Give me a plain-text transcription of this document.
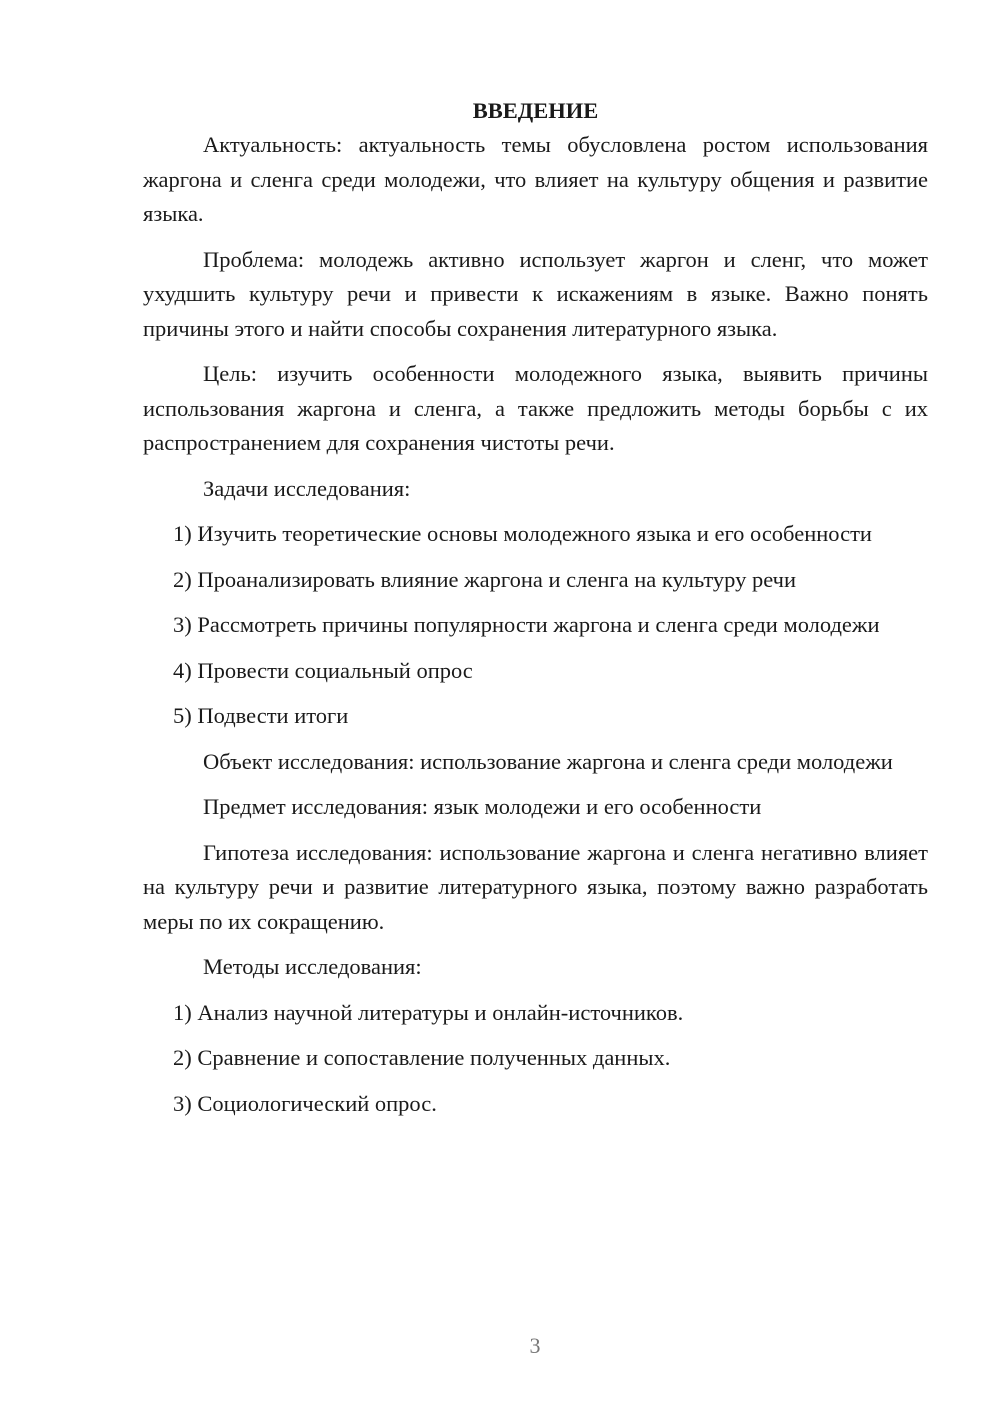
ВВЕДЕНИЕ

Актуальность: актуальность темы обусловлена ростом использования жаргона и сленга среди молодежи, что влияет на культуру общения и развитие языка.

Проблема: молодежь активно использует жаргон и сленг, что может ухудшить культуру речи и привести к искажениям в языке. Важно понять причины этого и найти способы сохранения литературного языка.

Цель: изучить особенности молодежного языка, выявить причины использования жаргона и сленга, а также предложить методы борьбы с их распространением для сохранения чистоты речи.

Задачи исследования:

1) Изучить теоретические основы молодежного языка и его особенности

2) Проанализировать влияние жаргона и сленга на культуру речи

3) Рассмотреть причины популярности жаргона и сленга среди молодежи

4) Провести социальный опрос

5) Подвести итоги

Объект исследования: использование жаргона и сленга среди молодежи

Предмет исследования: язык молодежи и его особенности

Гипотеза исследования: использование жаргона и сленга негативно влияет на культуру речи и развитие литературного языка, поэтому важно разработать меры по их сокращению.

Методы исследования:

1) Анализ научной литературы и онлайн-источников.

2) Сравнение и сопоставление полученных данных.

3) Социологический опрос.

3
